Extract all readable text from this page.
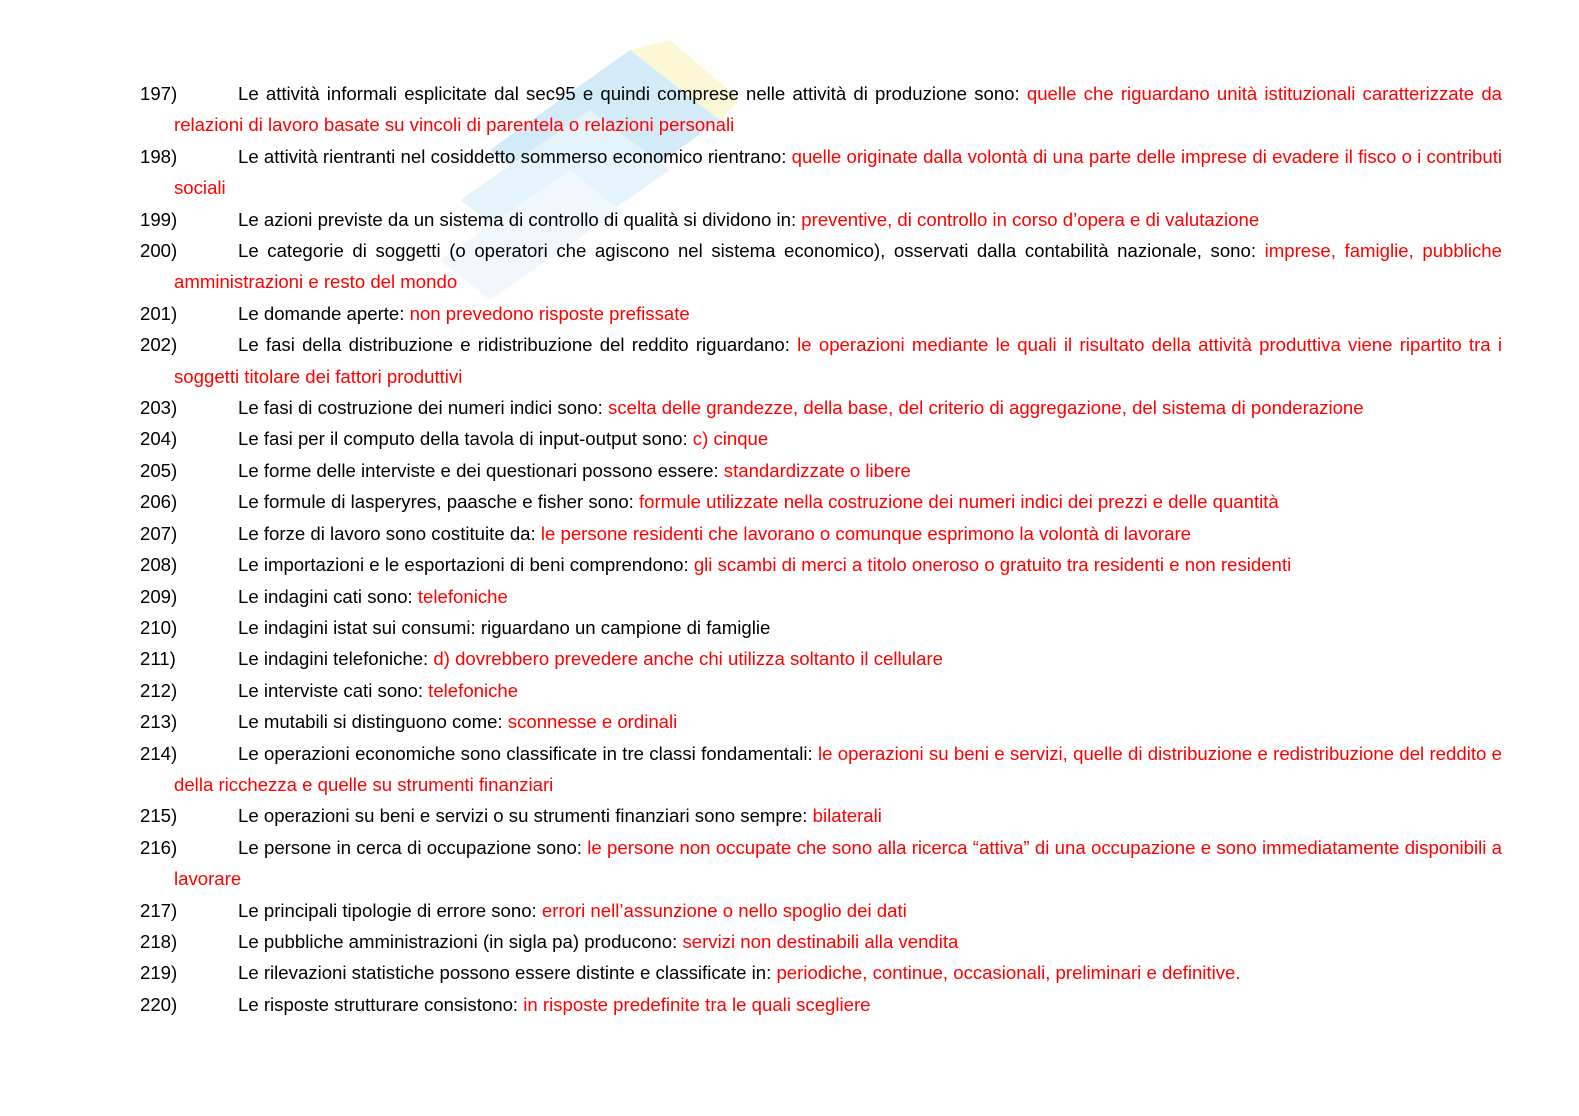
197)	Le attività informali esplicitate dal sec95 e quindi comprese nelle attività di produzione sono: quelle che riguardano unità istituzionali caratterizzate da relazioni di lavoro basate su vincoli di parentela o relazioni personali
198)	Le attività rientranti nel cosiddetto sommerso economico rientrano: quelle originate dalla volontà di una parte delle imprese di evadere il fisco o i contributi sociali
199)	Le azioni previste da un sistema di controllo di qualità si dividono in: preventive, di controllo in corso d’opera e di valutazione
200)	Le categorie di soggetti (o operatori che agiscono nel sistema economico), osservati dalla contabilità nazionale, sono: imprese, famiglie, pubbliche amministrazioni e resto del mondo
201)	Le domande aperte: non prevedono risposte prefissate
202)	Le fasi della distribuzione e ridistribuzione del reddito riguardano: le operazioni mediante le quali il risultato della attività produttiva viene ripartito tra i soggetti titolare dei fattori produttivi
203)	Le fasi di costruzione dei numeri indici sono: scelta delle grandezze, della base, del criterio di aggregazione, del sistema di ponderazione
204)	Le fasi per il computo della tavola di input-output sono: c) cinque
205)	Le forme delle interviste e dei questionari possono essere: standardizzate o libere
206)	Le formule di lasperyres, paasche e fisher sono: formule utilizzate nella costruzione dei numeri indici dei prezzi e delle quantità
207)	Le forze di lavoro sono costituite da: le persone residenti che lavorano o comunque esprimono la volontà di lavorare
208)	Le importazioni e le esportazioni di beni comprendono: gli scambi di merci a titolo oneroso o gratuito tra residenti e non residenti
209)	Le indagini cati sono: telefoniche
210)	Le indagini istat sui consumi: riguardano un campione di famiglie
211)	Le indagini telefoniche: d) dovrebbero prevedere anche chi utilizza soltanto il cellulare
212)	Le interviste cati sono: telefoniche
213)	Le mutabili si distinguono come: sconnesse e ordinali
214)	Le operazioni economiche sono classificate in tre classi fondamentali: le operazioni su beni e servizi, quelle di distribuzione e redistribuzione del reddito e della ricchezza e quelle su strumenti finanziari
215)	Le operazioni su beni e servizi o su strumenti finanziari sono sempre: bilaterali
216)	Le persone in cerca di occupazione sono: le persone non occupate che sono alla ricerca “attiva” di una occupazione e sono immediatamente disponibili a lavorare
217)	Le principali tipologie di errore sono: errori nell’assunzione o nello spoglio dei dati
218)	Le pubbliche amministrazioni (in sigla pa) producono: servizi non destinabili alla vendita
219)	Le rilevazioni statistiche possono essere distinte e classificate in: periodiche, continue, occasionali, preliminari e definitive.
220)	Le risposte strutturare consistono: in risposte predefinite tra le quali scegliere
